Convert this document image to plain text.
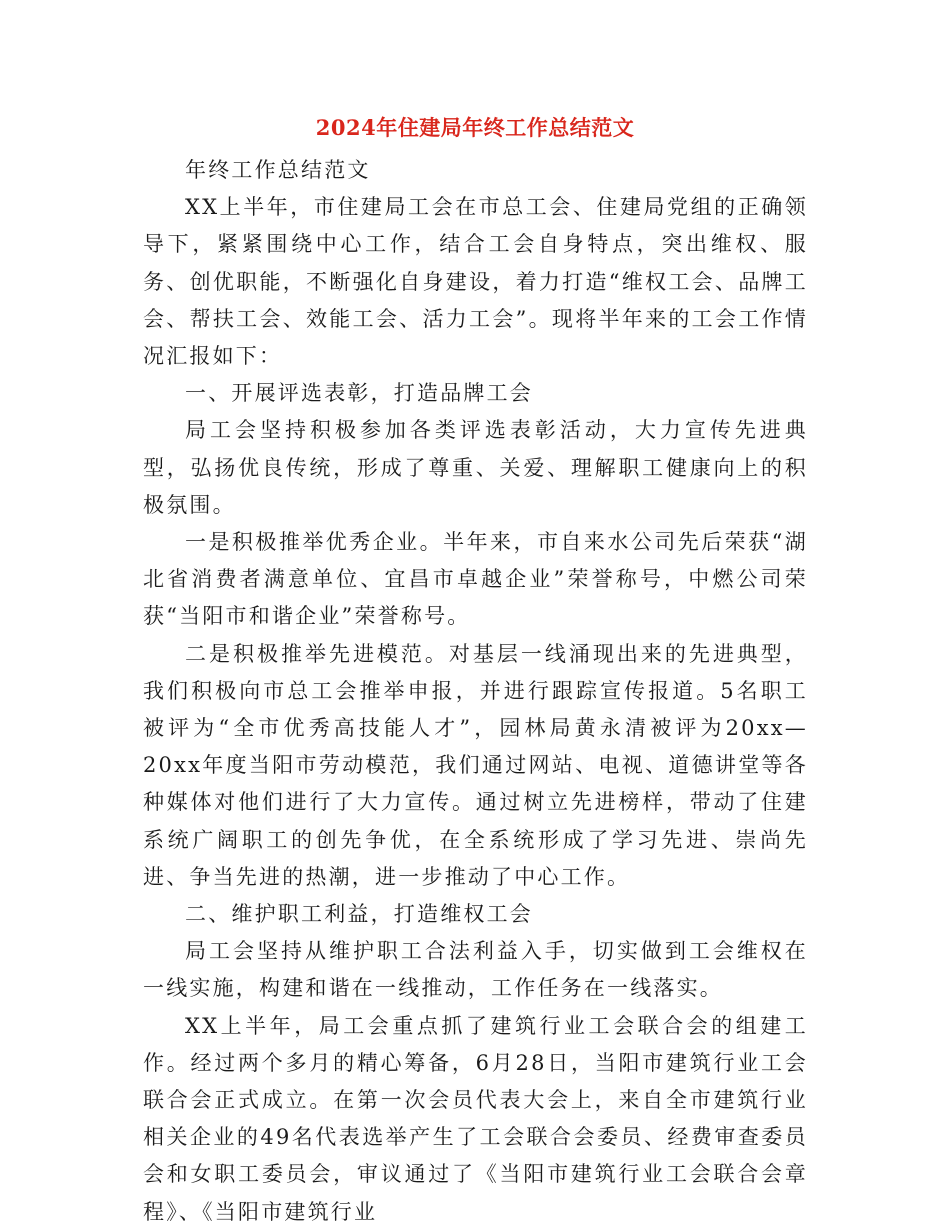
2024年住建局年终工作总结范文

年终工作总结范文

XX上半年，市住建局工会在市总工会、住建局党组的正确领导下，紧紧围绕中心工作，结合工会自身特点，突出维权、服务、创优职能，不断强化自身建设，着力打造“维权工会、品牌工会、帮扶工会、效能工会、活力工会”。现将半年来的工会工作情况汇报如下：

一、开展评选表彰，打造品牌工会

局工会坚持积极参加各类评选表彰活动，大力宣传先进典型，弘扬优良传统，形成了尊重、关爱、理解职工健康向上的积极氛围。

一是积极推举优秀企业。半年来，市自来水公司先后荣获“湖北省消费者满意单位、宜昌市卓越企业”荣誉称号，中燃公司荣获“当阳市和谐企业”荣誉称号。

二是积极推举先进模范。对基层一线涌现出来的先进典型，我们积极向市总工会推举申报，并进行跟踪宣传报道。5名职工被评为“全市优秀高技能人才”，园林局黄永清被评为20xx—20xx年度当阳市劳动模范，我们通过网站、电视、道德讲堂等各种媒体对他们进行了大力宣传。通过树立先进榜样，带动了住建系统广阔职工的创先争优，在全系统形成了学习先进、崇尚先进、争当先进的热潮，进一步推动了中心工作。

二、维护职工利益，打造维权工会

局工会坚持从维护职工合法利益入手，切实做到工会维权在一线实施，构建和谐在一线推动，工作任务在一线落实。

XX上半年，局工会重点抓了建筑行业工会联合会的组建工作。经过两个多月的精心筹备，6月28日，当阳市建筑行业工会联合会正式成立。在第一次会员代表大会上，来自全市建筑行业相关企业的49名代表选举产生了工会联合会委员、经费审查委员会和女职工委员会，审议通过了《当阳市建筑行业工会联合会章程》、《当阳市建筑行业
